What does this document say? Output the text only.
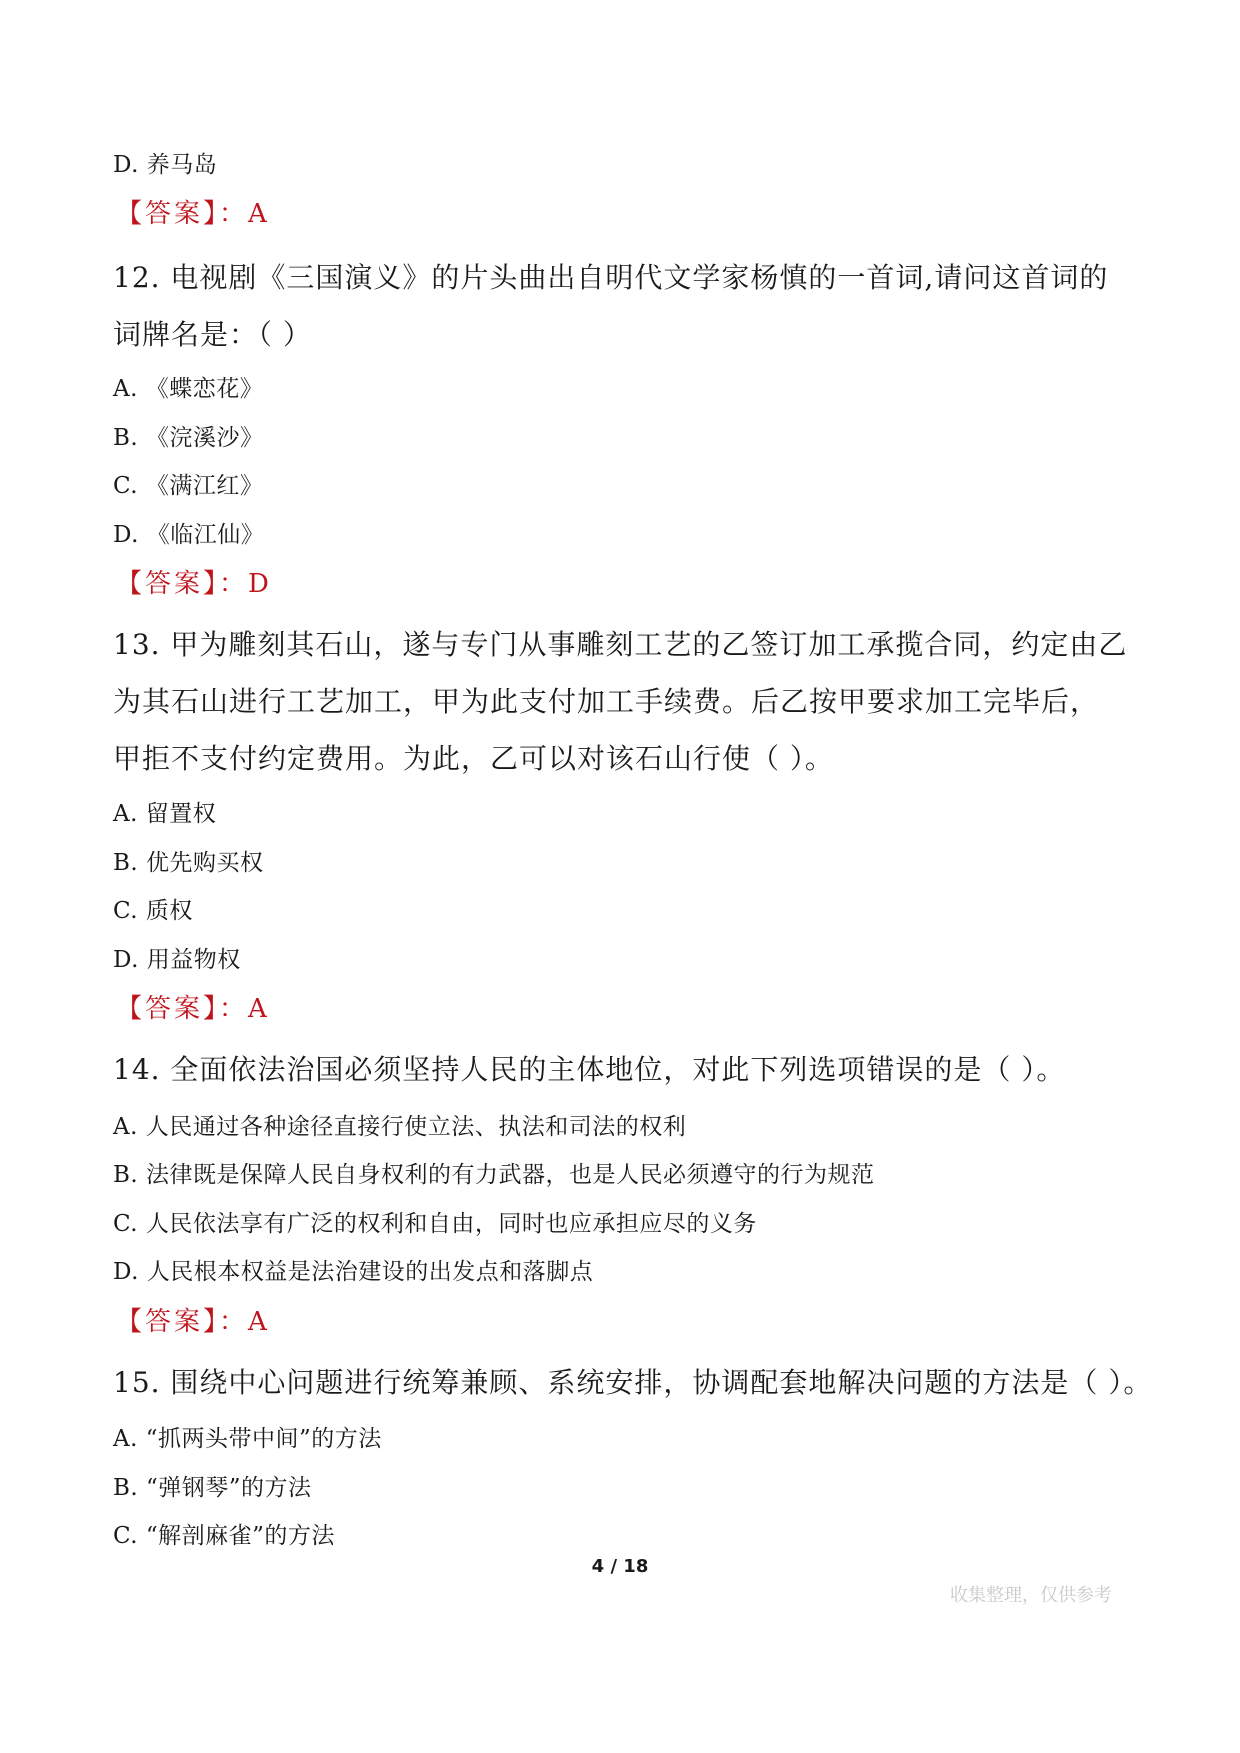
D. 养马岛
【答案】：A
12. 电视剧《三国演义》的片头曲出自明代文学家杨慎的一首词,请问这首词的
词牌名是：（ ）
A. 《蝶恋花》
B. 《浣溪沙》
C. 《满江红》
D. 《临江仙》
【答案】：D
13. 甲为雕刻其石山，遂与专门从事雕刻工艺的乙签订加工承揽合同，约定由乙
为其石山进行工艺加工，甲为此支付加工手续费。后乙按甲要求加工完毕后，
甲拒不支付约定费用。为此，乙可以对该石山行使（ ）。
A. 留置权
B. 优先购买权
C. 质权
D. 用益物权
【答案】：A
14. 全面依法治国必须坚持人民的主体地位，对此下列选项错误的是（ ）。
A. 人民通过各种途径直接行使立法、执法和司法的权利
B. 法律既是保障人民自身权利的有力武器，也是人民必须遵守的行为规范
C. 人民依法享有广泛的权利和自由，同时也应承担应尽的义务
D. 人民根本权益是法治建设的出发点和落脚点
【答案】：A
15. 围绕中心问题进行统筹兼顾、系统安排，协调配套地解决问题的方法是（ ）。
A. “抓两头带中间”的方法
B. “弹钢琴”的方法
C. “解剖麻雀”的方法
4 / 18
收集整理，仅供参考
